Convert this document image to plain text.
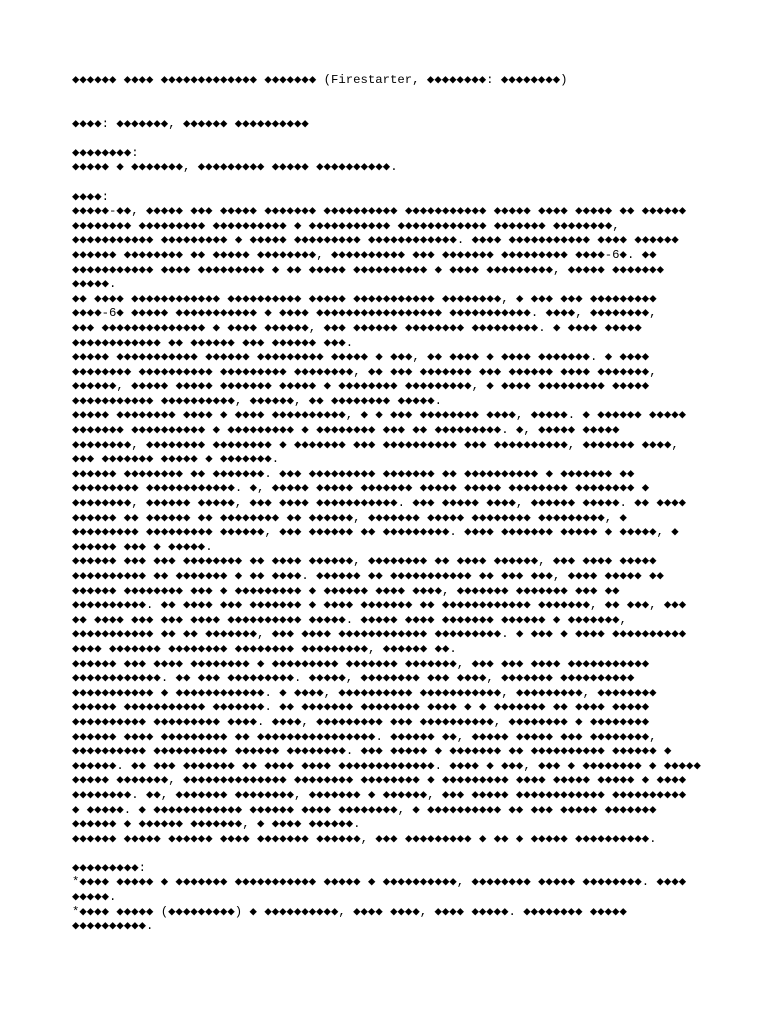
◆◆◆◆◆◆ ◆◆◆◆ ◆◆◆◆◆◆◆◆◆◆◆◆◆ ◆◆◆◆◆◆◆ (Firestarter, ◆◆◆◆◆◆◆◆: ◆◆◆◆◆◆◆◆)
◆◆◆◆: ◆◆◆◆◆◆◆, ◆◆◆◆◆◆ ◆◆◆◆◆◆◆◆◆◆
◆◆◆◆◆◆◆◆:
◆◆◆◆◆ ◆ ◆◆◆◆◆◆◆, ◆◆◆◆◆◆◆◆◆ ◆◆◆◆◆ ◆◆◆◆◆◆◆◆◆◆.
◆◆◆◆:
◆◆◆◆◆-◆◆, ◆◆◆◆◆ ◆◆◆ ◆◆◆◆◆ ◆◆◆◆◆◆◆ ◆◆◆◆◆◆◆◆◆◆ ◆◆◆◆◆◆◆◆◆◆◆ ◆◆◆◆◆ ◆◆◆◆ ◆◆◆◆◆ ◆◆ ◆◆◆◆◆◆
◆◆◆◆◆◆◆◆ ◆◆◆◆◆◆◆◆◆ ◆◆◆◆◆◆◆◆◆◆ ◆ ◆◆◆◆◆◆◆◆◆◆◆ ◆◆◆◆◆◆◆◆◆◆◆◆ ◆◆◆◆◆◆◆ ◆◆◆◆◆◆◆◆,
◆◆◆◆◆◆◆◆◆◆◆ ◆◆◆◆◆◆◆◆◆ ◆ ◆◆◆◆◆ ◆◆◆◆◆◆◆◆◆ ◆◆◆◆◆◆◆◆◆◆◆◆. ◆◆◆◆ ◆◆◆◆◆◆◆◆◆◆◆ ◆◆◆◆ ◆◆◆◆◆◆
◆◆◆◆◆◆ ◆◆◆◆◆◆◆◆ ◆◆ ◆◆◆◆◆ ◆◆◆◆◆◆◆◆, ◆◆◆◆◆◆◆◆◆◆ ◆◆◆ ◆◆◆◆◆◆◆ ◆◆◆◆◆◆◆◆◆ ◆◆◆◆-6◆. ◆◆
◆◆◆◆◆◆◆◆◆◆◆ ◆◆◆◆ ◆◆◆◆◆◆◆◆◆ ◆ ◆◆ ◆◆◆◆◆ ◆◆◆◆◆◆◆◆◆◆ ◆ ◆◆◆◆ ◆◆◆◆◆◆◆◆◆, ◆◆◆◆◆ ◆◆◆◆◆◆◆
◆◆◆◆◆.
◆◆ ◆◆◆◆ ◆◆◆◆◆◆◆◆◆◆◆◆ ◆◆◆◆◆◆◆◆◆◆ ◆◆◆◆◆ ◆◆◆◆◆◆◆◆◆◆◆ ◆◆◆◆◆◆◆◆, ◆ ◆◆◆ ◆◆◆ ◆◆◆◆◆◆◆◆◆
◆◆◆◆-6◆ ◆◆◆◆◆ ◆◆◆◆◆◆◆◆◆◆◆ ◆ ◆◆◆◆ ◆◆◆◆◆◆◆◆◆◆◆◆◆◆◆◆◆ ◆◆◆◆◆◆◆◆◆◆◆. ◆◆◆◆, ◆◆◆◆◆◆◆◆,
◆◆◆ ◆◆◆◆◆◆◆◆◆◆◆◆◆◆ ◆ ◆◆◆◆ ◆◆◆◆◆◆, ◆◆◆ ◆◆◆◆◆◆ ◆◆◆◆◆◆◆◆ ◆◆◆◆◆◆◆◆◆. ◆ ◆◆◆◆ ◆◆◆◆◆
◆◆◆◆◆◆◆◆◆◆◆◆ ◆◆ ◆◆◆◆◆◆ ◆◆◆ ◆◆◆◆◆◆ ◆◆◆.
◆◆◆◆◆ ◆◆◆◆◆◆◆◆◆◆◆ ◆◆◆◆◆◆ ◆◆◆◆◆◆◆◆◆ ◆◆◆◆◆ ◆ ◆◆◆, ◆◆ ◆◆◆◆ ◆ ◆◆◆◆ ◆◆◆◆◆◆◆. ◆ ◆◆◆◆
◆◆◆◆◆◆◆◆ ◆◆◆◆◆◆◆◆◆◆ ◆◆◆◆◆◆◆◆◆ ◆◆◆◆◆◆◆◆, ◆◆ ◆◆◆ ◆◆◆◆◆◆◆ ◆◆◆ ◆◆◆◆◆◆ ◆◆◆◆ ◆◆◆◆◆◆◆,
◆◆◆◆◆◆, ◆◆◆◆◆ ◆◆◆◆◆ ◆◆◆◆◆◆◆ ◆◆◆◆◆ ◆ ◆◆◆◆◆◆◆◆ ◆◆◆◆◆◆◆◆◆, ◆ ◆◆◆◆ ◆◆◆◆◆◆◆◆◆ ◆◆◆◆◆
◆◆◆◆◆◆◆◆◆◆◆ ◆◆◆◆◆◆◆◆◆◆, ◆◆◆◆◆◆, ◆◆ ◆◆◆◆◆◆◆◆ ◆◆◆◆◆.
◆◆◆◆◆ ◆◆◆◆◆◆◆◆ ◆◆◆◆ ◆ ◆◆◆◆ ◆◆◆◆◆◆◆◆◆◆, ◆ ◆ ◆◆◆ ◆◆◆◆◆◆◆◆ ◆◆◆◆, ◆◆◆◆◆. ◆ ◆◆◆◆◆◆ ◆◆◆◆◆
◆◆◆◆◆◆◆ ◆◆◆◆◆◆◆◆◆◆ ◆ ◆◆◆◆◆◆◆◆◆ ◆ ◆◆◆◆◆◆◆◆ ◆◆◆ ◆◆ ◆◆◆◆◆◆◆◆◆. ◆, ◆◆◆◆◆ ◆◆◆◆◆
◆◆◆◆◆◆◆◆, ◆◆◆◆◆◆◆◆ ◆◆◆◆◆◆◆◆ ◆ ◆◆◆◆◆◆◆ ◆◆◆ ◆◆◆◆◆◆◆◆◆◆ ◆◆◆ ◆◆◆◆◆◆◆◆◆◆, ◆◆◆◆◆◆◆ ◆◆◆◆,
◆◆◆ ◆◆◆◆◆◆◆ ◆◆◆◆◆ ◆ ◆◆◆◆◆◆◆.
◆◆◆◆◆◆ ◆◆◆◆◆◆◆◆ ◆◆ ◆◆◆◆◆◆◆. ◆◆◆ ◆◆◆◆◆◆◆◆◆ ◆◆◆◆◆◆◆ ◆◆ ◆◆◆◆◆◆◆◆◆◆ ◆ ◆◆◆◆◆◆◆ ◆◆
◆◆◆◆◆◆◆◆◆ ◆◆◆◆◆◆◆◆◆◆◆◆. ◆, ◆◆◆◆◆ ◆◆◆◆◆ ◆◆◆◆◆◆◆ ◆◆◆◆◆ ◆◆◆◆◆ ◆◆◆◆◆◆◆◆ ◆◆◆◆◆◆◆◆ ◆
◆◆◆◆◆◆◆◆, ◆◆◆◆◆◆ ◆◆◆◆◆, ◆◆◆ ◆◆◆◆ ◆◆◆◆◆◆◆◆◆◆◆. ◆◆◆ ◆◆◆◆◆ ◆◆◆◆, ◆◆◆◆◆◆ ◆◆◆◆◆. ◆◆ ◆◆◆◆
◆◆◆◆◆◆ ◆◆ ◆◆◆◆◆◆ ◆◆ ◆◆◆◆◆◆◆◆ ◆◆ ◆◆◆◆◆◆, ◆◆◆◆◆◆◆ ◆◆◆◆◆ ◆◆◆◆◆◆◆◆ ◆◆◆◆◆◆◆◆◆, ◆
◆◆◆◆◆◆◆◆◆ ◆◆◆◆◆◆◆◆◆ ◆◆◆◆◆◆, ◆◆◆ ◆◆◆◆◆◆ ◆◆ ◆◆◆◆◆◆◆◆◆. ◆◆◆◆ ◆◆◆◆◆◆◆ ◆◆◆◆◆ ◆ ◆◆◆◆◆, ◆
◆◆◆◆◆◆ ◆◆◆ ◆ ◆◆◆◆◆.
◆◆◆◆◆◆ ◆◆◆ ◆◆◆ ◆◆◆◆◆◆◆◆ ◆◆ ◆◆◆◆ ◆◆◆◆◆◆, ◆◆◆◆◆◆◆◆ ◆◆ ◆◆◆◆ ◆◆◆◆◆◆, ◆◆◆ ◆◆◆◆ ◆◆◆◆◆
◆◆◆◆◆◆◆◆◆◆ ◆◆ ◆◆◆◆◆◆◆ ◆ ◆◆ ◆◆◆◆. ◆◆◆◆◆◆ ◆◆ ◆◆◆◆◆◆◆◆◆◆◆ ◆◆ ◆◆◆ ◆◆◆, ◆◆◆◆ ◆◆◆◆◆ ◆◆
◆◆◆◆◆◆ ◆◆◆◆◆◆◆◆ ◆◆◆ ◆ ◆◆◆◆◆◆◆◆◆ ◆ ◆◆◆◆◆◆ ◆◆◆◆ ◆◆◆◆, ◆◆◆◆◆◆◆ ◆◆◆◆◆◆◆ ◆◆◆ ◆◆
◆◆◆◆◆◆◆◆◆◆. ◆◆ ◆◆◆◆ ◆◆◆ ◆◆◆◆◆◆◆ ◆ ◆◆◆◆ ◆◆◆◆◆◆◆ ◆◆ ◆◆◆◆◆◆◆◆◆◆◆◆ ◆◆◆◆◆◆◆, ◆◆ ◆◆◆, ◆◆◆
◆◆ ◆◆◆◆ ◆◆◆ ◆◆◆ ◆◆◆◆ ◆◆◆◆◆◆◆◆◆◆ ◆◆◆◆◆. ◆◆◆◆◆ ◆◆◆◆ ◆◆◆◆◆◆◆ ◆◆◆◆◆◆ ◆ ◆◆◆◆◆◆◆,
◆◆◆◆◆◆◆◆◆◆◆ ◆◆ ◆◆ ◆◆◆◆◆◆◆, ◆◆◆ ◆◆◆◆ ◆◆◆◆◆◆◆◆◆◆◆◆ ◆◆◆◆◆◆◆◆◆. ◆ ◆◆◆ ◆ ◆◆◆◆ ◆◆◆◆◆◆◆◆◆◆
◆◆◆◆ ◆◆◆◆◆◆◆ ◆◆◆◆◆◆◆◆ ◆◆◆◆◆◆◆◆ ◆◆◆◆◆◆◆◆◆, ◆◆◆◆◆◆ ◆◆.
◆◆◆◆◆◆ ◆◆◆ ◆◆◆◆ ◆◆◆◆◆◆◆◆ ◆ ◆◆◆◆◆◆◆◆◆ ◆◆◆◆◆◆◆ ◆◆◆◆◆◆◆, ◆◆◆ ◆◆◆ ◆◆◆◆ ◆◆◆◆◆◆◆◆◆◆◆
◆◆◆◆◆◆◆◆◆◆◆◆. ◆◆ ◆◆◆ ◆◆◆◆◆◆◆◆◆. ◆◆◆◆◆, ◆◆◆◆◆◆◆◆ ◆◆◆ ◆◆◆◆, ◆◆◆◆◆◆◆ ◆◆◆◆◆◆◆◆◆◆
◆◆◆◆◆◆◆◆◆◆◆ ◆ ◆◆◆◆◆◆◆◆◆◆◆◆. ◆ ◆◆◆◆, ◆◆◆◆◆◆◆◆◆◆ ◆◆◆◆◆◆◆◆◆◆◆, ◆◆◆◆◆◆◆◆◆, ◆◆◆◆◆◆◆◆
◆◆◆◆◆◆ ◆◆◆◆◆◆◆◆◆◆◆ ◆◆◆◆◆◆◆. ◆◆ ◆◆◆◆◆◆◆ ◆◆◆◆◆◆◆◆ ◆◆◆◆ ◆ ◆ ◆◆◆◆◆◆◆ ◆◆ ◆◆◆◆ ◆◆◆◆◆
◆◆◆◆◆◆◆◆◆◆ ◆◆◆◆◆◆◆◆◆ ◆◆◆◆. ◆◆◆◆, ◆◆◆◆◆◆◆◆◆ ◆◆◆ ◆◆◆◆◆◆◆◆◆◆, ◆◆◆◆◆◆◆◆ ◆ ◆◆◆◆◆◆◆◆
◆◆◆◆◆◆ ◆◆◆◆ ◆◆◆◆◆◆◆◆◆ ◆◆ ◆◆◆◆◆◆◆◆◆◆◆◆◆◆◆◆. ◆◆◆◆◆◆ ◆◆, ◆◆◆◆◆ ◆◆◆◆◆ ◆◆◆ ◆◆◆◆◆◆◆◆,
◆◆◆◆◆◆◆◆◆◆ ◆◆◆◆◆◆◆◆◆◆ ◆◆◆◆◆◆ ◆◆◆◆◆◆◆◆. ◆◆◆ ◆◆◆◆◆ ◆ ◆◆◆◆◆◆◆ ◆◆ ◆◆◆◆◆◆◆◆◆◆ ◆◆◆◆◆◆ ◆
◆◆◆◆◆◆. ◆◆ ◆◆◆ ◆◆◆◆◆◆◆ ◆◆ ◆◆◆◆ ◆◆◆◆ ◆◆◆◆◆◆◆◆◆◆◆◆◆. ◆◆◆◆ ◆ ◆◆◆, ◆◆◆ ◆ ◆◆◆◆◆◆◆◆ ◆ ◆◆◆◆◆
◆◆◆◆◆ ◆◆◆◆◆◆◆, ◆◆◆◆◆◆◆◆◆◆◆◆◆◆ ◆◆◆◆◆◆◆◆ ◆◆◆◆◆◆◆◆ ◆ ◆◆◆◆◆◆◆◆◆ ◆◆◆◆ ◆◆◆◆◆ ◆◆◆◆◆ ◆ ◆◆◆◆
◆◆◆◆◆◆◆◆. ◆◆, ◆◆◆◆◆◆◆ ◆◆◆◆◆◆◆◆, ◆◆◆◆◆◆◆ ◆ ◆◆◆◆◆◆, ◆◆◆ ◆◆◆◆◆ ◆◆◆◆◆◆◆◆◆◆◆◆ ◆◆◆◆◆◆◆◆◆◆
◆ ◆◆◆◆◆. ◆ ◆◆◆◆◆◆◆◆◆◆◆◆ ◆◆◆◆◆◆ ◆◆◆◆ ◆◆◆◆◆◆◆◆, ◆ ◆◆◆◆◆◆◆◆◆◆ ◆◆ ◆◆◆ ◆◆◆◆◆ ◆◆◆◆◆◆◆
◆◆◆◆◆◆ ◆ ◆◆◆◆◆◆ ◆◆◆◆◆◆◆, ◆ ◆◆◆◆ ◆◆◆◆◆◆.
◆◆◆◆◆◆ ◆◆◆◆◆ ◆◆◆◆◆◆ ◆◆◆◆ ◆◆◆◆◆◆◆ ◆◆◆◆◆◆, ◆◆◆ ◆◆◆◆◆◆◆◆◆ ◆ ◆◆ ◆ ◆◆◆◆◆ ◆◆◆◆◆◆◆◆◆◆.
◆◆◆◆◆◆◆◆◆:
*◆◆◆◆ ◆◆◆◆◆ ◆ ◆◆◆◆◆◆◆ ◆◆◆◆◆◆◆◆◆◆◆ ◆◆◆◆◆ ◆ ◆◆◆◆◆◆◆◆◆◆, ◆◆◆◆◆◆◆◆ ◆◆◆◆◆ ◆◆◆◆◆◆◆◆. ◆◆◆◆
◆◆◆◆◆.
*◆◆◆◆ ◆◆◆◆◆ (◆◆◆◆◆◆◆◆◆) ◆ ◆◆◆◆◆◆◆◆◆◆, ◆◆◆◆ ◆◆◆◆, ◆◆◆◆ ◆◆◆◆◆. ◆◆◆◆◆◆◆◆ ◆◆◆◆◆
◆◆◆◆◆◆◆◆◆◆.
